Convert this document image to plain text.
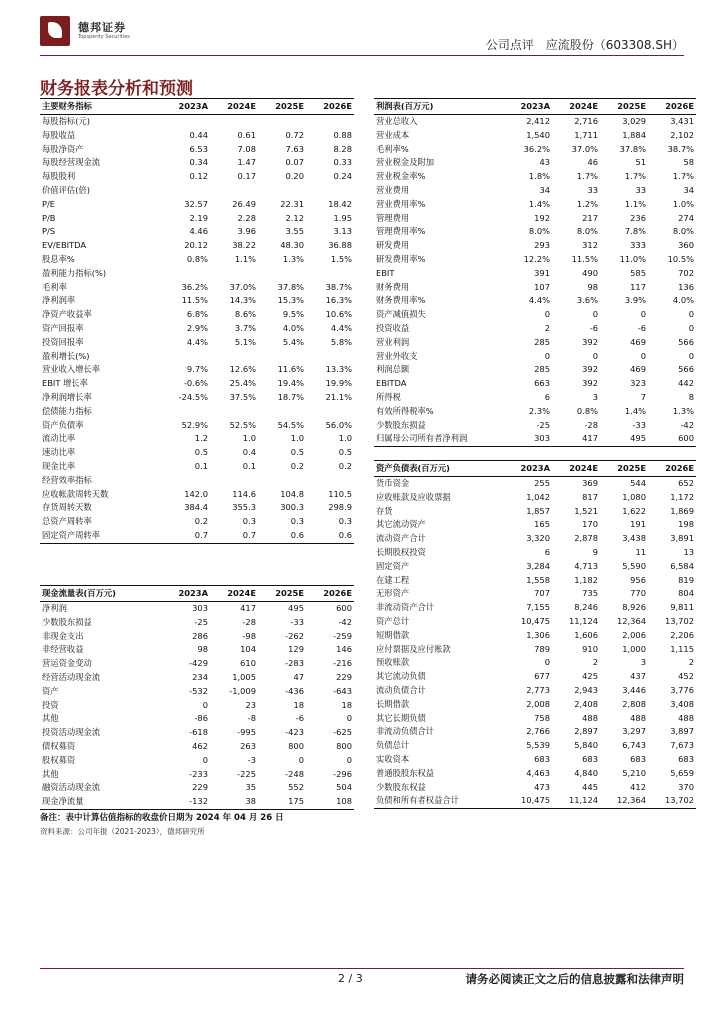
德邦证券
Topsperity Securities
公司点评 应流股份（603308.SH）
财务报表分析和预测
主要财务指标	2023A	2024E	2025E	2026E
每股指标(元)				
每股收益	0.44	0.61	0.72	0.88
每股净资产	6.53	7.08	7.63	8.28
每股经营现金流	0.34	1.47	0.07	0.33
每股股利	0.12	0.17	0.20	0.24
价值评估(倍)				
P/E	32.57	26.49	22.31	18.42
P/B	2.19	2.28	2.12	1.95
P/S	4.46	3.96	3.55	3.13
EV/EBITDA	20.12	38.22	48.30	36.88
股息率%	0.8%	1.1%	1.3%	1.5%
盈利能力指标(%)				
毛利率	36.2%	37.0%	37.8%	38.7%
净利润率	11.5%	14.3%	15.3%	16.3%
净资产收益率	6.8%	8.6%	9.5%	10.6%
资产回报率	2.9%	3.7%	4.0%	4.4%
投资回报率	4.4%	5.1%	5.4%	5.8%
盈利增长(%)				
营业收入增长率	9.7%	12.6%	11.6%	13.3%
EBIT 增长率	-0.6%	25.4%	19.4%	19.9%
净利润增长率	-24.5%	37.5%	18.7%	21.1%
偿债能力指标				
资产负债率	52.9%	52.5%	54.5%	56.0%
流动比率	1.2	1.0	1.0	1.0
速动比率	0.5	0.4	0.5	0.5
现金比率	0.1	0.1	0.2	0.2
经营效率指标				
应收帐款周转天数	142.0	114.6	104.8	110.5
存货周转天数	384.4	355.3	300.3	298.9
总资产周转率	0.2	0.3	0.3	0.3
固定资产周转率	0.7	0.7	0.6	0.6
利润表(百万元)	2023A	2024E	2025E	2026E
营业总收入	2,412	2,716	3,029	3,431
营业成本	1,540	1,711	1,884	2,102
毛利率%	36.2%	37.0%	37.8%	38.7%
营业税金及附加	43	46	51	58
营业税金率%	1.8%	1.7%	1.7%	1.7%
营业费用	34	33	33	34
营业费用率%	1.4%	1.2%	1.1%	1.0%
管理费用	192	217	236	274
管理费用率%	8.0%	8.0%	7.8%	8.0%
研发费用	293	312	333	360
研发费用率%	12.2%	11.5%	11.0%	10.5%
EBIT	391	490	585	702
财务费用	107	98	117	136
财务费用率%	4.4%	3.6%	3.9%	4.0%
资产减值损失	0	0	0	0
投资收益	2	-6	-6	0
营业利润	285	392	469	566
营业外收支	0	0	0	0
利润总额	285	392	469	566
EBITDA	663	392	323	442
所得税	6	3	7	8
有效所得税率%	2.3%	0.8%	1.4%	1.3%
少数股东损益	-25	-28	-33	-42
归属母公司所有者净利润	303	417	495	600
资产负债表(百万元)	2023A	2024E	2025E	2026E
货币资金	255	369	544	652
应收账款及应收票据	1,042	817	1,080	1,172
存货	1,857	1,521	1,622	1,869
其它流动资产	165	170	191	198
流动资产合计	3,320	2,878	3,438	3,891
长期股权投资	6	9	11	13
固定资产	3,284	4,713	5,590	6,584
在建工程	1,558	1,182	956	819
无形资产	707	735	770	804
非流动资产合计	7,155	8,246	8,926	9,811
资产总计	10,475	11,124	12,364	13,702
短期借款	1,306	1,606	2,006	2,206
应付票据及应付账款	789	910	1,000	1,115
预收账款	0	2	3	2
其它流动负债	677	425	437	452
流动负债合计	2,773	2,943	3,446	3,776
长期借款	2,008	2,408	2,808	3,408
其它长期负债	758	488	488	488
非流动负债合计	2,766	2,897	3,297	3,897
负债总计	5,539	5,840	6,743	7,673
实收资本	683	683	683	683
普通股股东权益	4,463	4,840	5,210	5,659
少数股东权益	473	445	412	370
负债和所有者权益合计	10,475	11,124	12,364	13,702
现金流量表(百万元)	2023A	2024E	2025E	2026E
净利润	303	417	495	600
少数股东损益	-25	-28	-33	-42
非现金支出	286	-98	-262	-259
非经营收益	98	104	129	146
营运资金变动	-429	610	-283	-216
经营活动现金流	234	1,005	47	229
资产	-532	-1,009	-436	-643
投资	0	23	18	18
其他	-86	-8	-6	0
投资活动现金流	-618	-995	-423	-625
债权募资	462	263	800	800
股权募资	0	-3	0	0
其他	-233	-225	-248	-296
融资活动现金流	229	35	552	504
现金净流量	-132	38	175	108
备注：表中计算估值指标的收盘价日期为 2024 年 04 月 26 日
资料来源：公司年报（2021-2023），德邦研究所
2 / 3	请务必阅读正文之后的信息披露和法律声明
